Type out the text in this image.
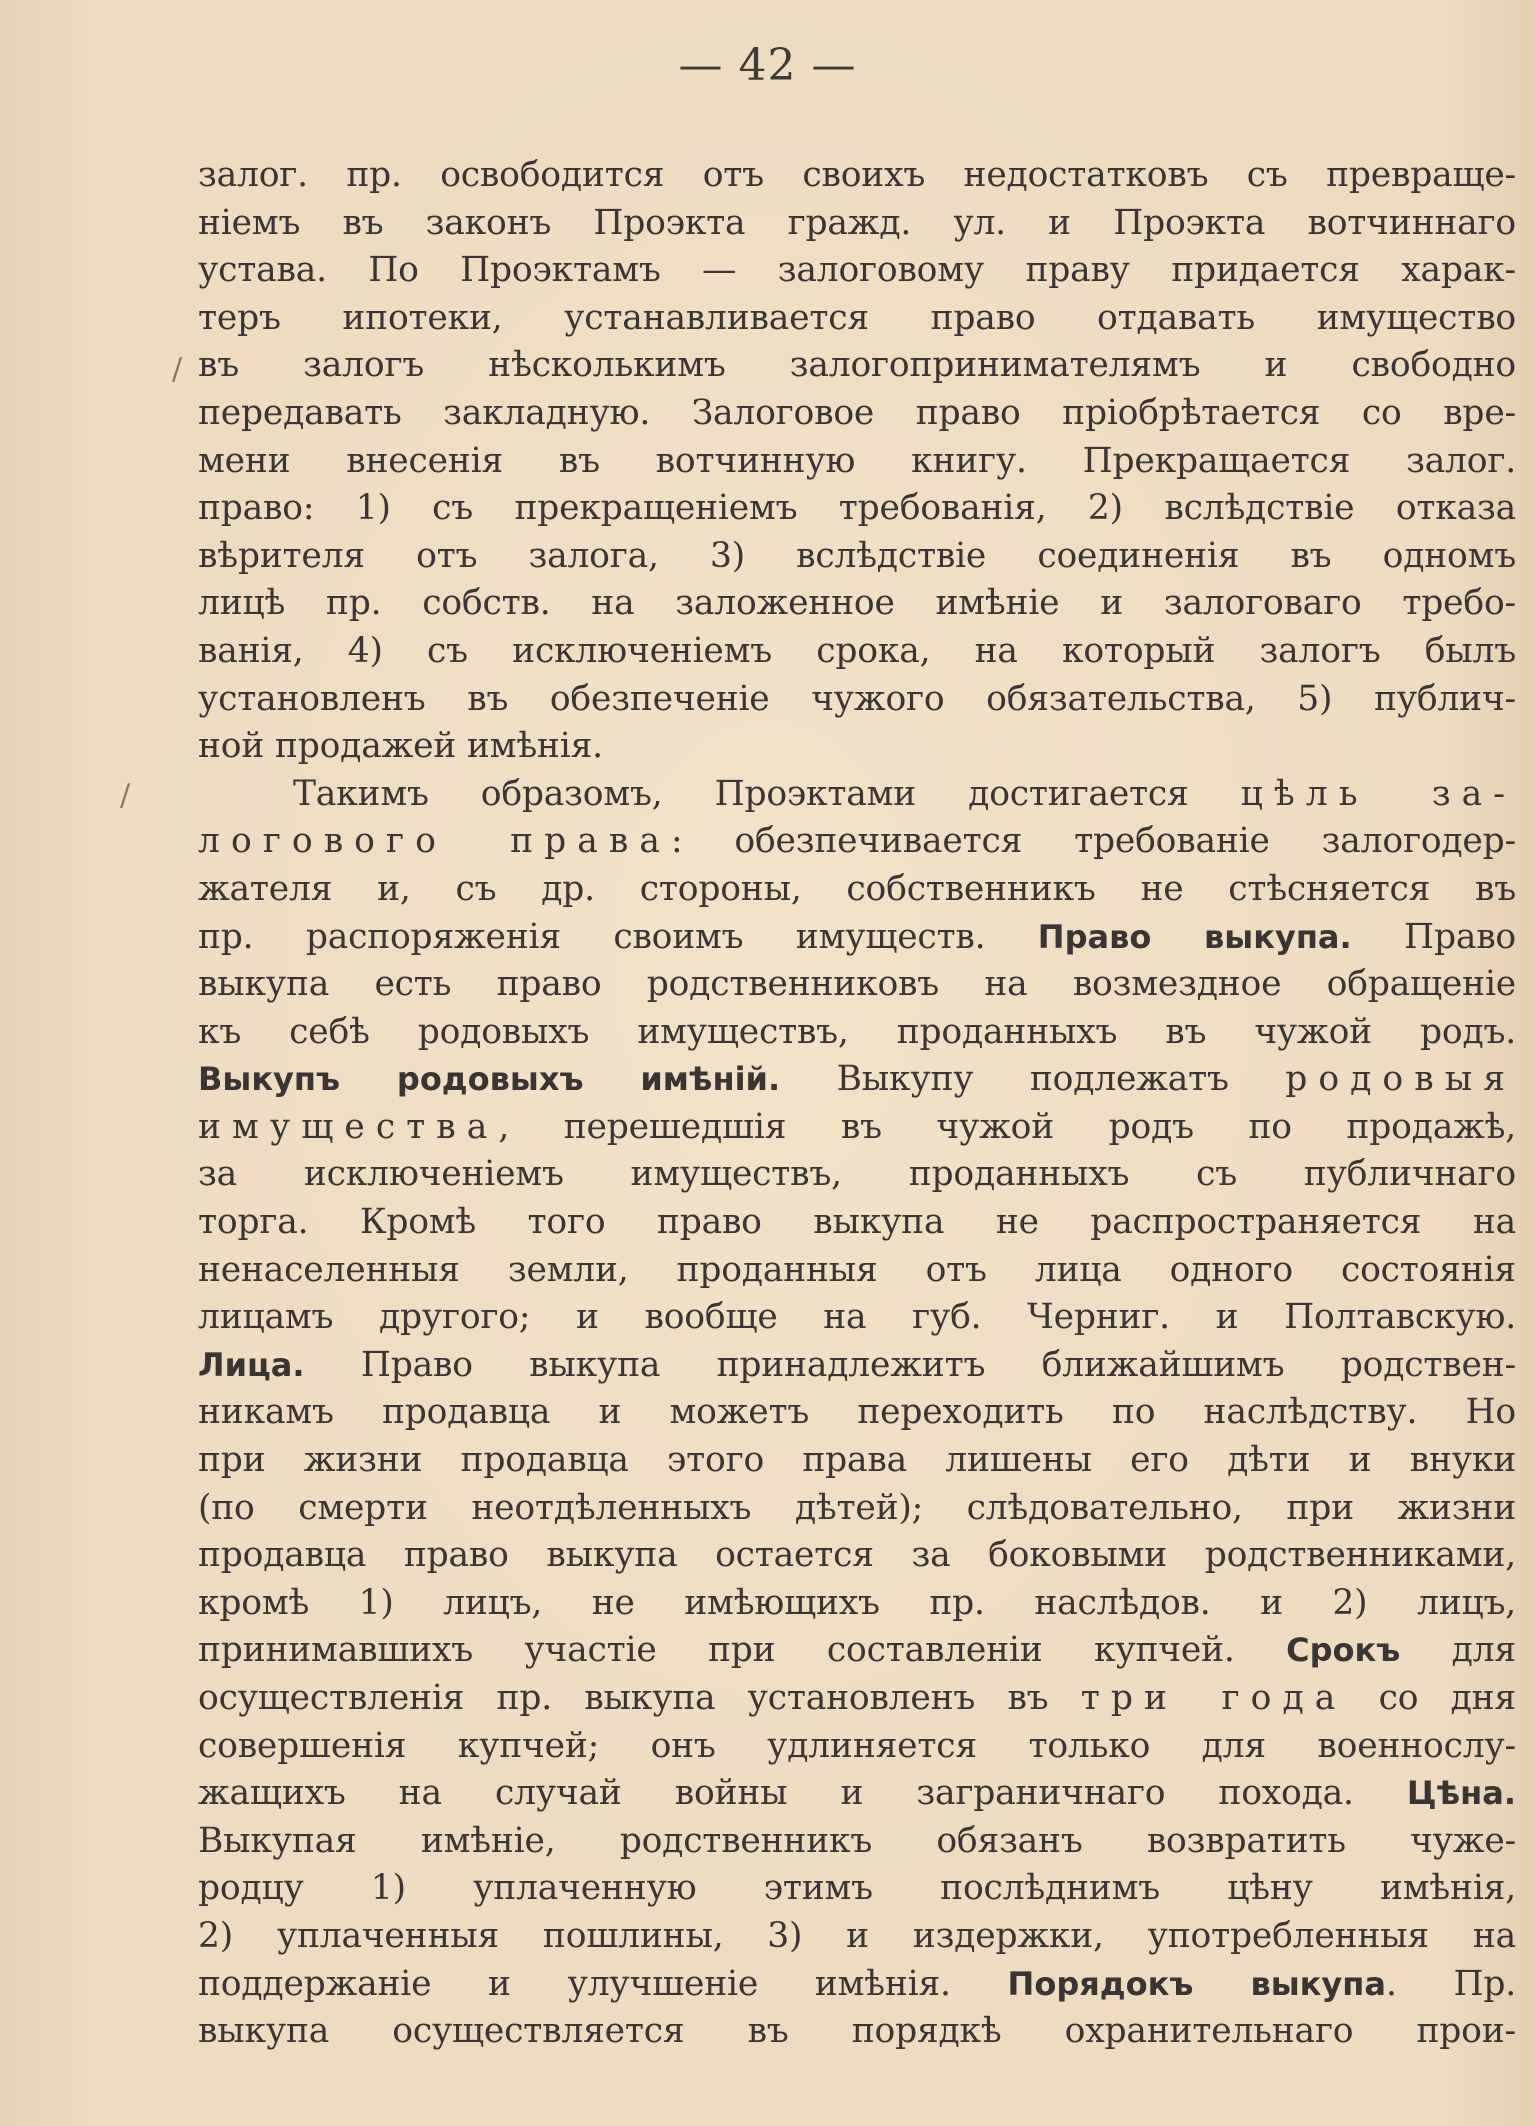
— 42 —
/
/
залог. пр. освободится отъ своихъ недостатковъ съ превраще-
ніемъ въ законъ Проэкта гражд. ул. и Проэкта вотчиннаго
устава. По Проэктамъ — залоговому праву придается харак-
теръ ипотеки, устанавливается право отдавать имущество
въ залогъ нѣсколькимъ залогопринимателямъ и свободно
передавать закладную. Залоговое право пріобрѣтается со вре-
мени внесенія въ вотчинную книгу. Прекращается залог.
право: 1) съ прекращеніемъ требованія, 2) вслѣдствіе отказа
вѣрителя отъ залога, 3) вслѣдствіе соединенія въ одномъ
лицѣ пр. собств. на заложенное имѣніе и залоговаго требо-
ванія, 4) съ исключеніемъ срока, на который залогъ былъ
установленъ въ обезпеченіе чужого обязательства, 5) публич-
ной продажей имѣнія.
Такимъ образомъ, Проэктами достигается цѣль за-
логового права: обезпечивается требованіе залогодер-
жателя и, съ др. стороны, собственникъ не стѣсняется въ
пр. распоряженія своимъ имуществ. Право выкупа. Право
выкупа есть право родственниковъ на возмездное обращеніе
къ себѣ родовыхъ имуществъ, проданныхъ въ чужой родъ.
Выкупъ родовыхъ имѣній. Выкупу подлежатъ родовыя
имущества, перешедшія въ чужой родъ по продажѣ,
за исключеніемъ имуществъ, проданныхъ съ публичнаго
торга. Кромѣ того право выкупа не распространяется на
ненаселенныя земли, проданныя отъ лица одного состоянія
лицамъ другого; и вообще на губ. Черниг. и Полтавскую.
Лица. Право выкупа принадлежитъ ближайшимъ родствен-
никамъ продавца и можетъ переходить по наслѣдству. Но
при жизни продавца этого права лишены его дѣти и внуки
(по смерти неотдѣленныхъ дѣтей); слѣдовательно, при жизни
продавца право выкупа остается за боковыми родственниками,
кромѣ 1) лицъ, не имѣющихъ пр. наслѣдов. и 2) лицъ,
принимавшихъ участіе при составленіи купчей. Срокъ для
осуществленія пр. выкупа установленъ въ три года со дня
совершенія купчей; онъ удлиняется только для военнослу-
жащихъ на случай войны и заграничнаго похода. Цѣна.
Выкупая имѣніе, родственникъ обязанъ возвратить чуже-
родцу 1) уплаченную этимъ послѣднимъ цѣну имѣнія,
2) уплаченныя пошлины, 3) и издержки, употребленныя на
поддержаніе и улучшеніе имѣнія. Порядокъ выкупа. Пр.
выкупа осуществляется въ порядкѣ охранительнаго прои-
